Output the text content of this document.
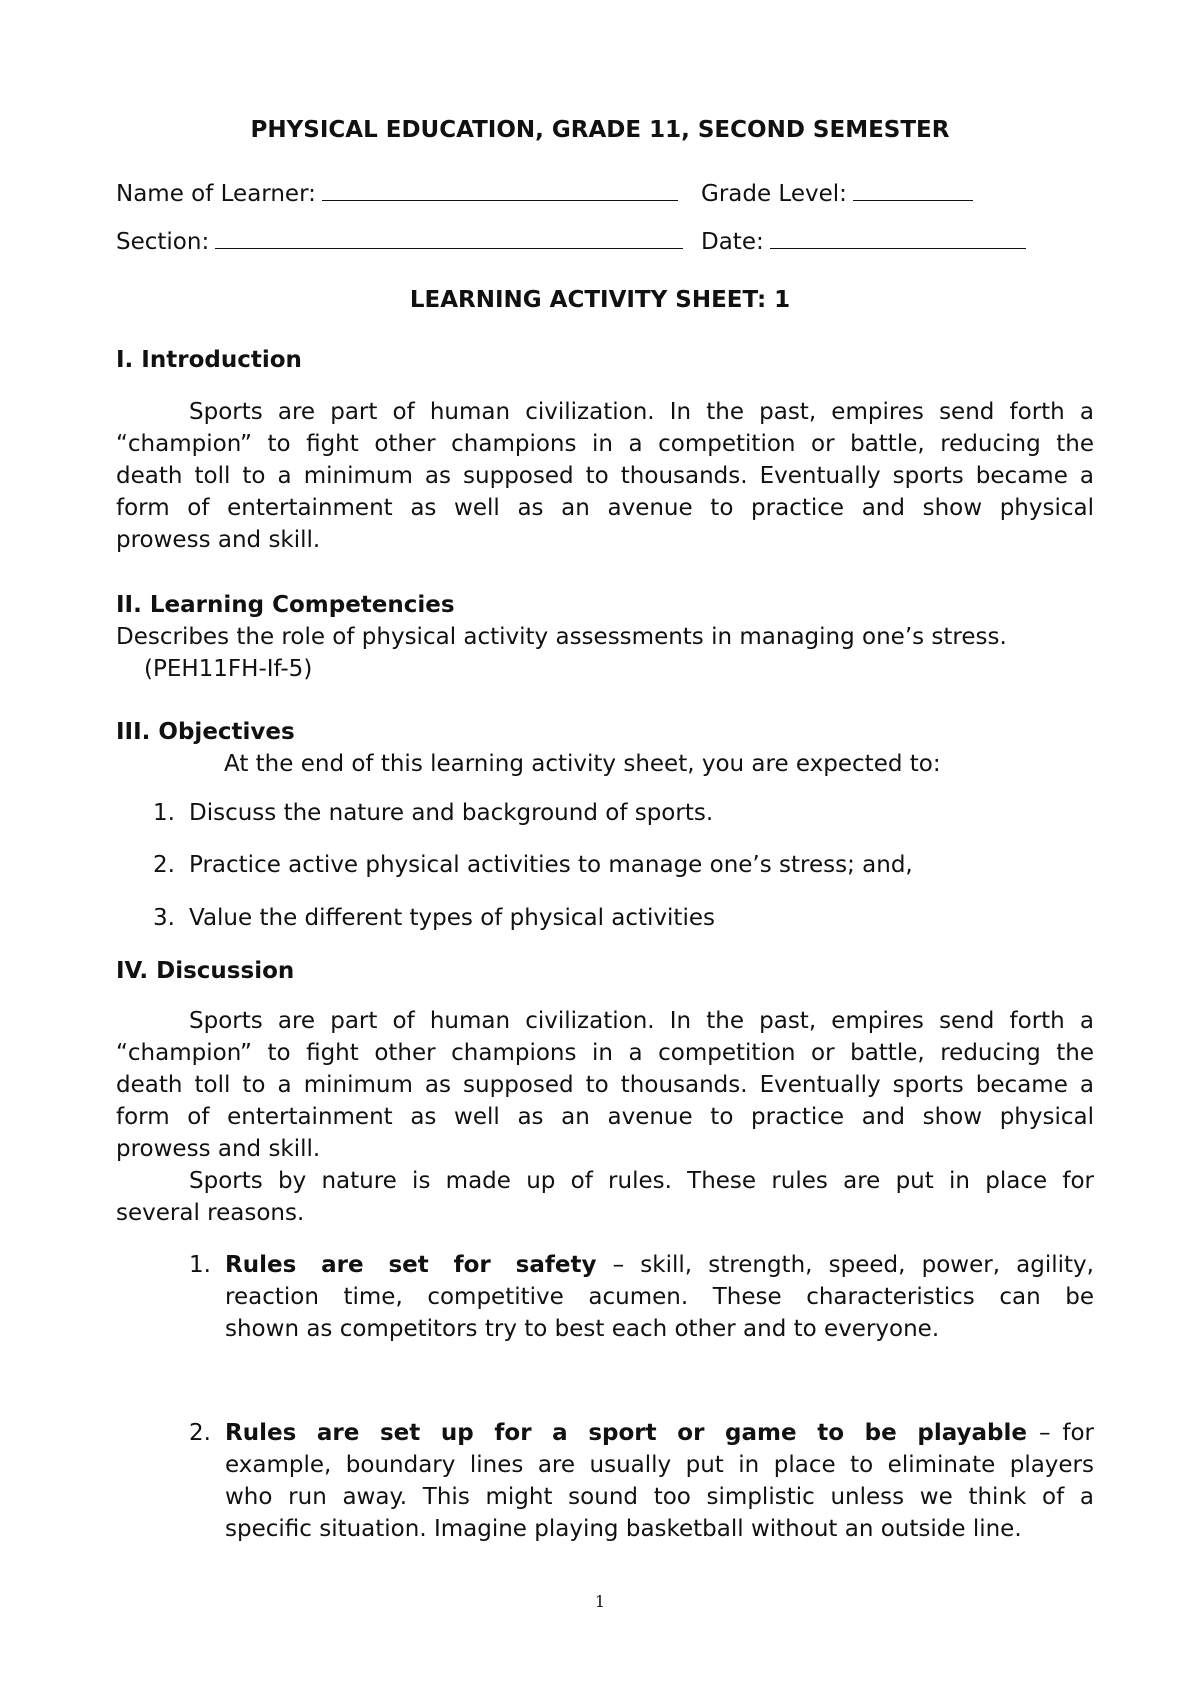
PHYSICAL EDUCATION, GRADE 11, SECOND SEMESTER
Name of Learner:	Grade Level:
Section:	Date:
LEARNING ACTIVITY SHEET: 1
I. Introduction
Sports are part of human civilization. In the past, empires send forth a
“champion” to fight other champions in a competition or battle, reducing the
death toll to a minimum as supposed to thousands. Eventually sports became a
form of entertainment as well as an avenue to practice and show physical
prowess and skill.
II. Learning Competencies
Describes the role of physical activity assessments in managing one’s stress.
(PEH11FH-If-5)
III. Objectives
At the end of this learning activity sheet, you are expected to:
1. Discuss the nature and background of sports.
2. Practice active physical activities to manage one’s stress; and,
3. Value the different types of physical activities
IV. Discussion
Sports are part of human civilization. In the past, empires send forth a
“champion” to fight other champions in a competition or battle, reducing the
death toll to a minimum as supposed to thousands. Eventually sports became a
form of entertainment as well as an avenue to practice and show physical
prowess and skill.
Sports by nature is made up of rules. These rules are put in place for
several reasons.
1. Rules are set for safety – skill, strength, speed, power, agility,
reaction time, competitive acumen. These characteristics can be
shown as competitors try to best each other and to everyone.
2. Rules are set up for a sport or game to be playable – for
example, boundary lines are usually put in place to eliminate players
who run away. This might sound too simplistic unless we think of a
specific situation. Imagine playing basketball without an outside line.
1
